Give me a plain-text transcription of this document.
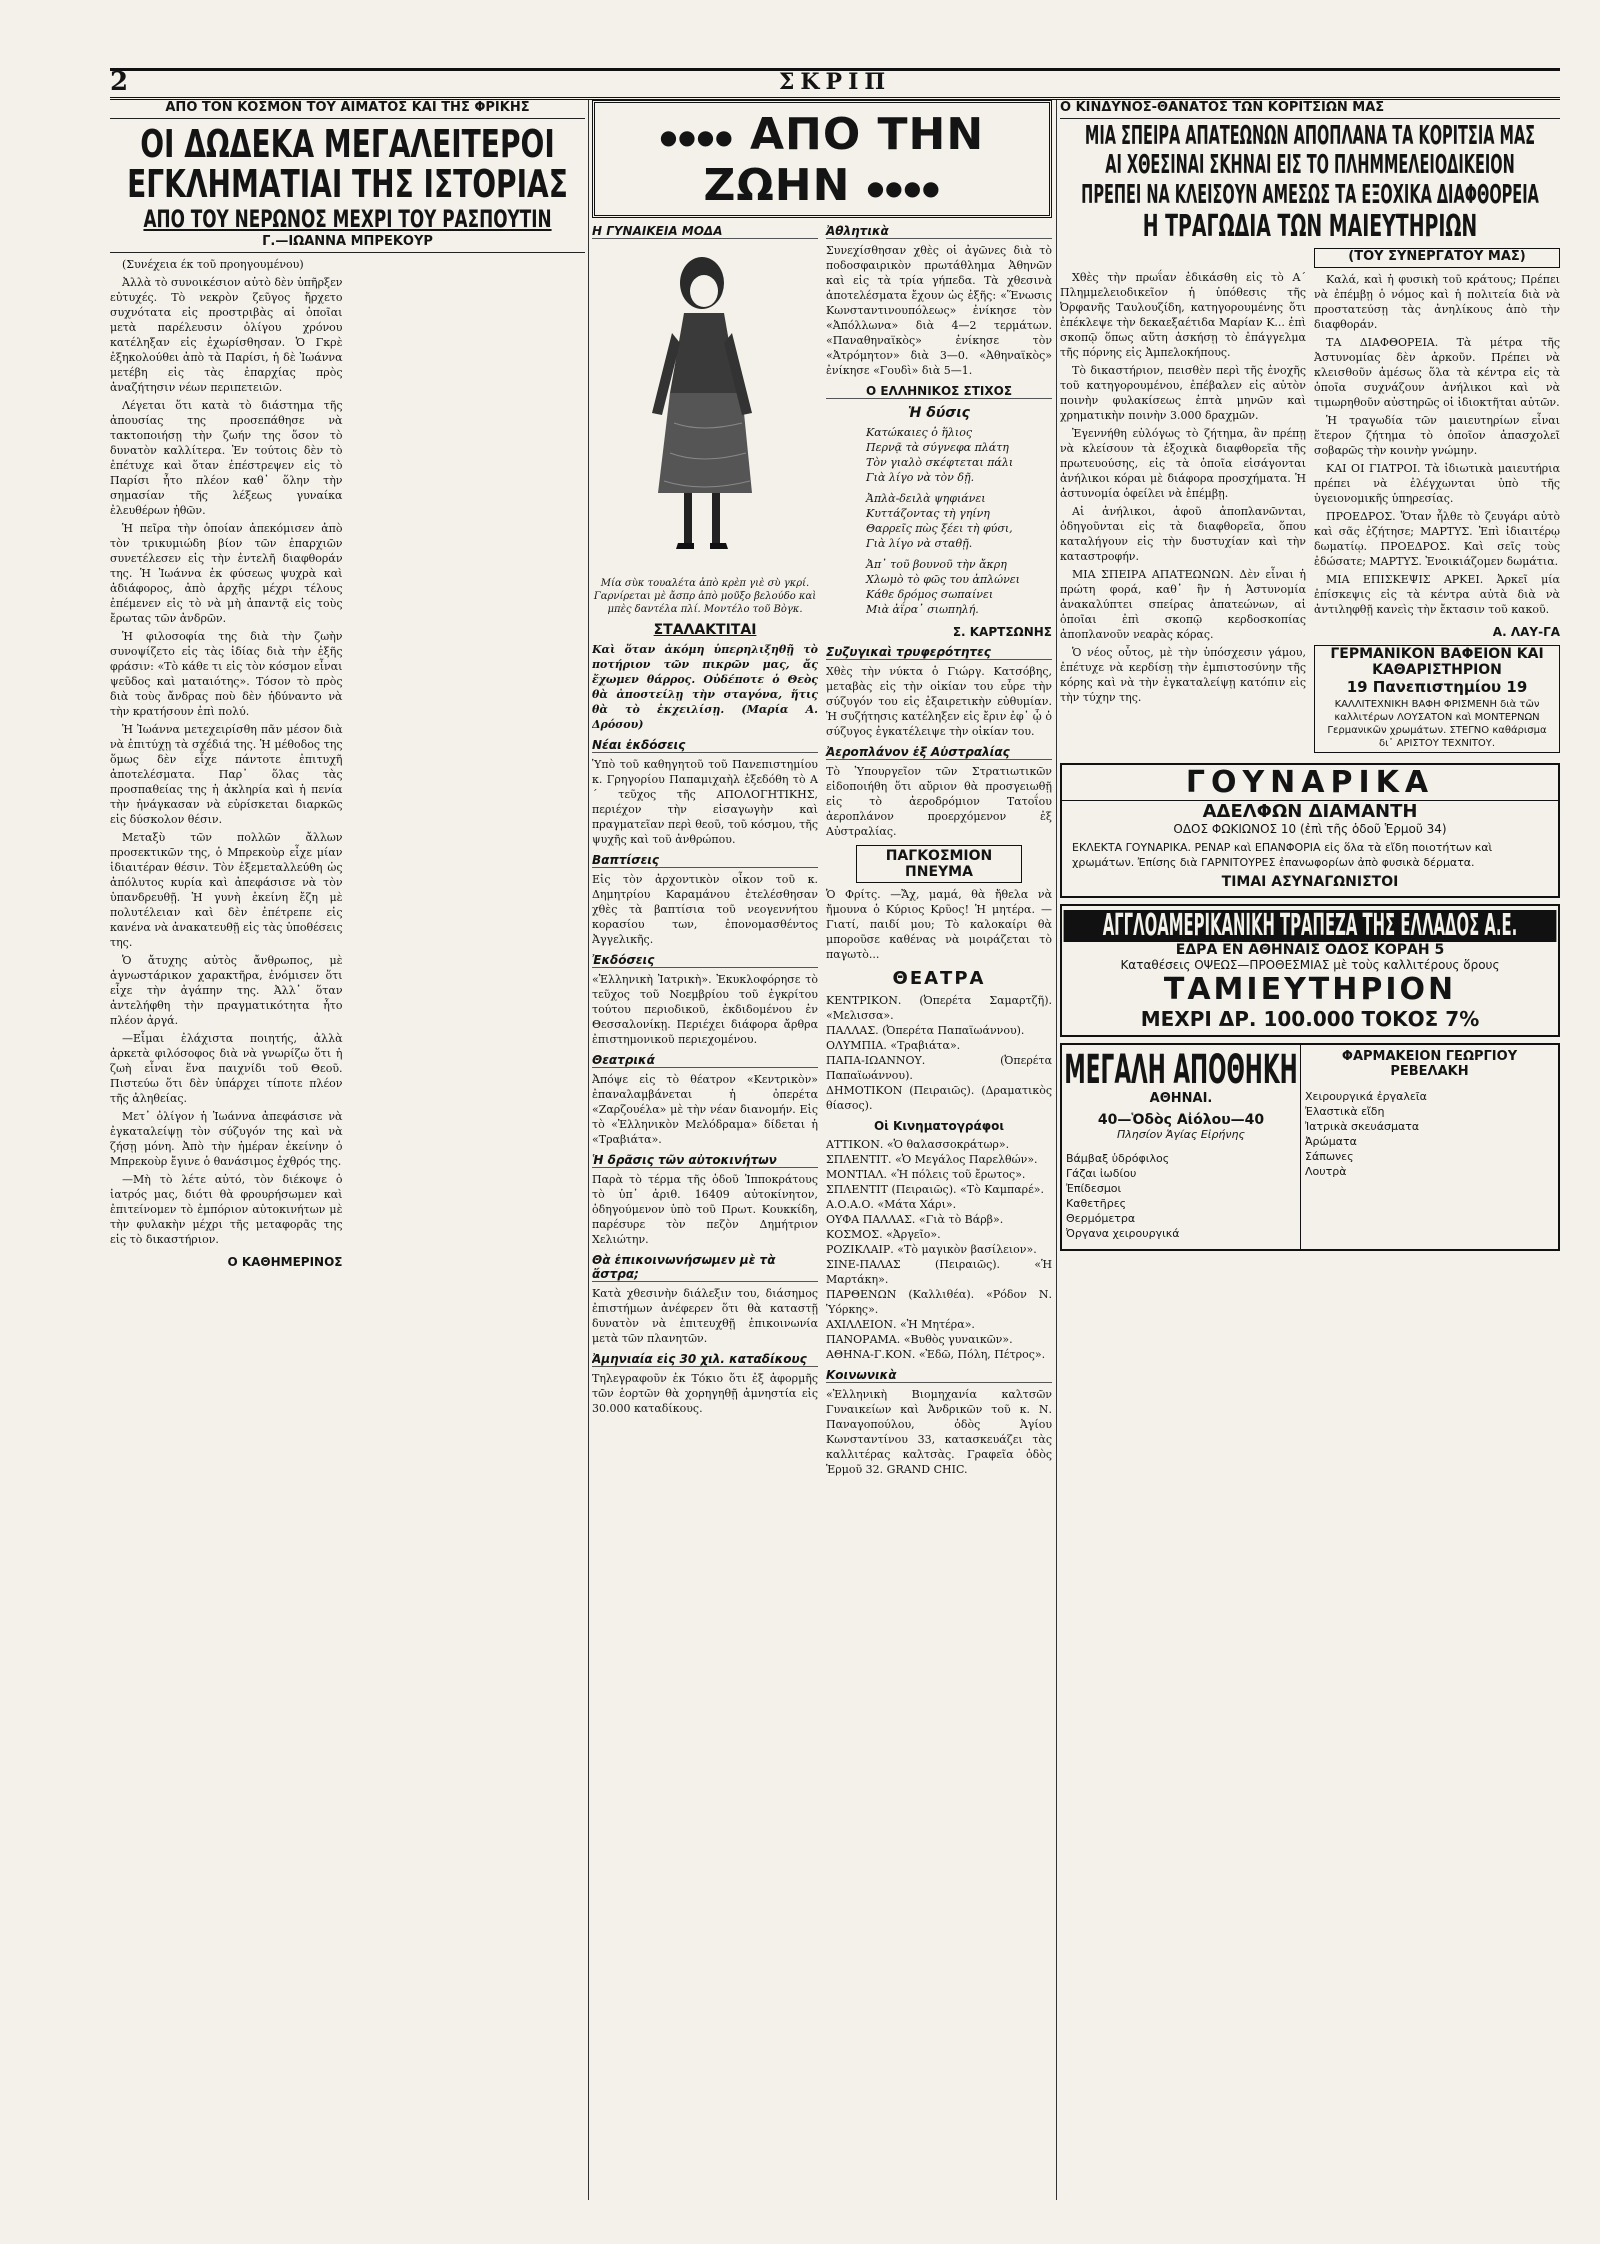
2	ΣΚΡΙΠ
ΑΠΟ ΤΟΝ ΚΟΣΜΟΝ ΤΟΥ ΑΙΜΑΤΟΣ ΚΑΙ ΤΗΣ ΦΡΙΚΗΣ
ΟΙ ΔΩΔΕΚΑ ΜΕΓΑΛΕΙΤΕΡΟΙ ΕΓΚΛΗΜΑΤΙΑΙ ΤΗΣ ΙΣΤΟΡΙΑΣ
ΑΠΟ ΤΟΥ ΝΕΡΩΝΟΣ ΜΕΧΡΙ ΤΟΥ ΡΑΣΠΟΥΤΙΝ
Γ.—ΙΩΑΝΝΑ ΜΠΡΕΚΟΥΡ

(Συνέχεια έκ τοῦ προηγουμένου)

Ἀλλὰ τὸ συνοικέσιον αὐτὸ δὲν ὑπῆρξεν εὐτυχές. Τὸ νεκρὸν ζεῦγος ἤρχετο συχνότατα εἰς προστριβὰς αἱ ὁποῖαι μετὰ παρέλευσιν ὀλίγου χρόνου κατέληξαν εἰς ἐχωρίσθησαν. Ὁ Γκρὲ ἐξηκολούθει ἀπὸ τὰ Παρίσι, ἡ δὲ Ἰωάννα μετέβη εἰς τὰς ἐπαρχίας πρὸς ἀναζήτησιν νέων περιπετειῶν.

Λέγεται ὅτι κατὰ τὸ διάστημα τῆς ἀπουσίας της προσεπάθησε νὰ τακτοποιήσῃ τὴν ζωήν της ὅσον τὸ δυνατὸν καλλίτερα. Ἐν τούτοις δὲν τὸ ἐπέτυχε καὶ ὅταν ἐπέστρεψεν εἰς τὸ Παρίσι ἦτο πλέον καθ᾽ ὅλην τὴν σημασίαν τῆς λέξεως γυναίκα ἐλευθέρων ἠθῶν.

Ἡ πεῖρα τὴν ὁποίαν ἀπεκόμισεν ἀπὸ τὸν τρικυμιώδη βίον τῶν ἐπαρχιῶν συνετέλεσεν εἰς τὴν ἐντελῆ διαφθοράν της. Ἡ Ἰωάννα ἐκ φύσεως ψυχρὰ καὶ ἀδιάφορος, ἀπὸ ἀρχῆς μέχρι τέλους ἐπέμενεν εἰς τὸ νὰ μὴ ἀπαντᾷ εἰς τοὺς ἔρωτας τῶν ἀνδρῶν.

Ἡ φιλοσοφία της διὰ τὴν ζωὴν συνοψίζετο εἰς τὰς ἰδίας διὰ τὴν ἐξῆς φράσιν: «Τὸ κάθε τι εἰς τὸν κόσμον εἶναι ψεῦδος καὶ ματαιότης». Τόσον τὸ πρὸς διὰ τοὺς ἄνδρας ποὺ δὲν ἠδύναντο νὰ τὴν κρατήσουν ἐπὶ πολύ.

Ἡ Ἰωάννα μετεχειρίσθη πᾶν μέσον διὰ νὰ ἐπιτύχῃ τὰ σχέδιά της. Ἡ μέθοδος της ὅμως δὲν εἶχε πάντοτε ἐπιτυχῆ ἀποτελέσματα. Παρ᾽ ὅλας τὰς προσπαθείας της ἡ ἀκληρία καὶ ἡ πενία τὴν ἠνάγκασαν νὰ εὑρίσκεται διαρκῶς εἰς δύσκολον θέσιν.

Μεταξὺ τῶν πολλῶν ἄλλων προσεκτικῶν της, ὁ Μπρεκοὺρ εἶχε μίαν ἰδιαιτέραν θέσιν. Τὸν ἐξεμεταλλεύθη ὡς ἀπόλυτος κυρία καὶ ἀπεφάσισε νὰ τὸν ὑπανδρευθῇ. Ἡ γυνὴ ἐκείνη ἔζη μὲ πολυτέλειαν καὶ δὲν ἐπέτρεπε εἰς κανένα νὰ ἀνακατευθῇ εἰς τὰς ὑποθέσεις της.

Ὁ ἄτυχης αὐτὸς ἄνθρωπος, μὲ ἀγνωστάρικον χαρακτῆρα, ἐνόμισεν ὅτι εἶχε τὴν ἀγάπην της. Ἀλλ᾽ ὅταν ἀντελήφθη τὴν πραγματικότητα ἦτο πλέον ἀργά.

—Εἶμαι ἐλάχιστα ποιητής, ἀλλὰ ἀρκετὰ φιλόσοφος διὰ νὰ γνωρίζω ὅτι ἡ ζωὴ εἶναι ἕνα παιχνίδι τοῦ Θεοῦ. Πιστεύω ὅτι δὲν ὑπάρχει τίποτε πλέον τῆς ἀληθείας.

Μετ᾽ ὀλίγον ἡ Ἰωάννα ἀπεφάσισε νὰ ἐγκαταλείψῃ τὸν σύζυγόν της καὶ νὰ ζήσῃ μόνη. Ἀπὸ τὴν ἡμέραν ἐκείνην ὁ Μπρεκοὺρ ἔγινε ὁ θανάσιμος ἐχθρός της.

—Μὴ τὸ λέτε αὐτό, τὸν διέκοψε ὁ ἰατρός μας, διότι θὰ φρουρήσωμεν καὶ ἐπιτείνομεν τὸ ἐμπόριον αὐτοκινήτων μὲ τὴν φυλακὴν μέχρι τῆς μεταφορᾶς της εἰς τὸ δικαστήριον.

Ο ΚΑΘΗΜΕΡΙΝΟΣ
●●●● ΑΠΟ ΤΗΝ ΖΩΗΝ ●●●●
Η ΓΥΝΑΙΚΕΙΑ ΜΟΔΑ
Μία σὺκ τουαλέτα ἀπὸ κρὲπ γιὲ σὺ γκρί. Γαρνίρεται μὲ ἄσπρ ἀπὸ μοῦξο βελούδο καὶ μπὲς δαντέλα πλί. Μοντέλο τοῦ Βὸγκ.
ΣΤΑΛΑΚΤΙΤΑΙ
Καὶ ὅταν ἀκόμη ὑπερηλιξηθῇ τὸ ποτήριον τῶν πικρῶν μας, ἄς ἔχωμεν θάρρος. Οὐδέποτε ὁ Θεὸς θὰ ἀποστείλῃ τὴν σταγόνα, ἥτις θὰ τὸ ἐκχειλίσῃ. (Μαρία Α. Δρόσου)
Νέαι ἐκδόσεις
Ὑπὸ τοῦ καθηγητοῦ τοῦ Πανεπιστημίου κ. Γρηγορίου Παπαμιχαὴλ ἐξεδόθη τὸ Α´ τεῦχος τῆς ΑΠΟΛΟΓΗΤΙΚΗΣ, περιέχον τὴν εἰσαγωγὴν καὶ πραγματεῖαν περὶ θεοῦ, τοῦ κόσμου, τῆς ψυχῆς καὶ τοῦ ἀνθρώπου.
Βαπτίσεις
Εἰς τὸν ἀρχοντικὸν οἶκον τοῦ κ. Δημητρίου Καραμάνου ἐτελέσθησαν χθὲς τὰ βαπτίσια τοῦ νεογεννήτου κορασίου των, ἐπονομασθέντος Ἀγγελικῆς.
Ἐκδόσεις
«Ἑλληνικὴ Ἰατρικὴ». Ἐκυκλοφόρησε τὸ τεῦχος τοῦ Νοεμβρίου τοῦ ἐγκρίτου τούτου περιοδικοῦ, ἐκδιδομένου ἐν Θεσσαλονίκῃ. Περιέχει διάφορα ἄρθρα ἐπιστημονικοῦ περιεχομένου.
Θεατρικά
Ἀπόψε εἰς τὸ θέατρον «Κεντρικὸν» ἐπαναλαμβάνεται ἡ ὀπερέτα «Ζαρζουέλα» μὲ τὴν νέαν διανομήν. Εἰς τὸ «Ἑλληνικὸν Μελόδραμα» δίδεται ἡ «Τραβιάτα».
Ἡ δρᾶσις τῶν αὐτοκινήτων
Παρὰ τὸ τέρμα τῆς ὁδοῦ Ἱπποκράτους τὸ ὑπ᾽ ἀριθ. 16409 αὐτοκίνητον, ὁδηγούμενον ὑπὸ τοῦ Πρωτ. Κουκκίδη, παρέσυρε τὸν πεζὸν Δημήτριον Χελιώτην.
Θὰ ἐπικοινωνήσωμεν μὲ τὰ ἄστρα;
Κατὰ χθεσινὴν διάλεξιν του, διάσημος ἐπιστήμων ἀνέφερεν ὅτι θὰ καταστῇ δυνατὸν νὰ ἐπιτευχθῇ ἐπικοινωνία μετὰ τῶν πλανητῶν.
Ἀμηνιαία εἰς 30 χιλ. καταδίκους
Τηλεγραφοῦν ἐκ Τόκιο ὅτι ἐξ ἀφορμῆς τῶν ἑορτῶν θὰ χορηγηθῇ ἀμνηστία εἰς 30.000 καταδίκους.
Ἀθλητικὰ
Συνεχίσθησαν χθὲς οἱ ἀγῶνες διὰ τὸ ποδοσφαιρικὸν πρωτάθλημα Ἀθηνῶν καὶ εἰς τὰ τρία γήπεδα. Τὰ χθεσινὰ ἀποτελέσματα ἔχουν ὡς ἐξῆς: «Ἕνωσις Κωνσταντινουπόλεως» ἐνίκησε τὸν «Ἀπόλλωνα» διὰ 4—2 τερμάτων. «Παναθηναϊκὸς» ἐνίκησε τὸν «Ἀτρόμητον» διὰ 3—0. «Ἀθηναϊκὸς» ἐνίκησε «Γουδὶ» διὰ 5—1.
Ο ΕΛΛΗΝΙΚΟΣ ΣΤΙΧΟΣ
Ἡ δύσις
Κατώκαιες ὁ ἥλιος
Περνᾷ τὰ σύγνεφα πλάτη
Τὸν γιαλὸ σκέφτεται πάλι
Γιὰ λίγο νὰ τὸν δῇ.
Ἀπλὰ-δειλὰ ψηφιάνει
Κυττάζοντας τὴ γηίνη
Θαρρεῖς πὼς ξέει τὴ φύσι,
Γιὰ λίγο νὰ σταθῇ.
Ἀπ᾽ τοῦ βουνοῦ τὴν ἄκρη
Χλωμὸ τὸ φῶς του ἁπλώνει
Κάθε δρόμος σωπαίνει
Μιὰ ἀΐρα᾽ σιωπηλή.
Σ. ΚΑΡΤΣΩΝΗΣ
Συζυγικαὶ τρυφερότητες
Χθὲς τὴν νύκτα ὁ Γιώργ. Κατσόβης, μεταβὰς εἰς τὴν οἰκίαν του εὗρε τὴν σύζυγόν του εἰς ἐξαιρετικὴν εὐθυμίαν. Ἡ συζήτησις κατέληξεν εἰς ἔριν ἐφ᾽ ᾧ ὁ σύζυγος ἐγκατέλειψε τὴν οἰκίαν του.
Ἀεροπλάνον ἐξ Αὐστραλίας
Τὸ Ὑπουργεῖον τῶν Στρατιωτικῶν εἰδοποιήθη ὅτι αὔριον θὰ προσγειωθῇ εἰς τὸ ἀεροδρόμιον Τατοΐου ἀεροπλάνον προερχόμενον ἐξ Αὐστραλίας.
ΠΑΓΚΟΣΜΙΟΝ ΠΝΕΥΜΑ
Ὁ Φρίτς. —Ἄχ, μαμά, θὰ ἤθελα νὰ ἤμουνα ὁ Κύριος Κρῦος! Ἡ μητέρα. —Γιατί, παιδί μου; Τὸ καλοκαίρι θὰ μποροῦσε καθένας νὰ μοιράζεται τὸ παγωτὸ...
ΘΕΑΤΡΑ
ΚΕΝΤΡΙΚΟΝ. (Ὀπερέτα Σαμαρτζῆ). «Μελισσα».
ΠΑΛΛΑΣ. (Ὀπερέτα Παπαϊωάννου).
ΟΛΥΜΠΙΑ. «Τραβιάτα».
ΠΑΠΑ-ΙΩΑΝΝΟΥ. (Ὀπερέτα Παπαϊωάννου).
ΔΗΜΟΤΙΚΟΝ (Πειραιῶς). (Δραματικὸς θίασος).
Οἱ Κινηματογράφοι
ΑΤΤΙΚΟΝ. «Ὁ θαλασσοκράτωρ».
ΣΠΛΕΝΤΙΤ. «Ὁ Μεγάλος Παρελθών».
ΜΟΝΤΙΑΛ. «Ἡ πόλεις τοῦ ἔρωτος».
ΣΠΛΕΝΤΙΤ (Πειραιῶς). «Τὸ Καμπαρέ».
Α.Ο.Α.Ο. «Μάτα Χάρι».
ΟΥΦΑ ΠΑΛΛΑΣ. «Γιὰ τὸ Βάρβ».
ΚΟΣΜΟΣ. «Ἀργεῖο».
ΡΟΖΙΚΛΑΙΡ. «Τὸ μαγικὸν βασίλειον».
ΣΙΝΕ-ΠΑΛΑΣ (Πειραιῶς). «Ἡ Μαρτάκη».
ΠΑΡΘΕΝΩΝ (Καλλιθέα). «Ρόδον Ν. Ὑόρκης».
ΑΧΙΛΛΕΙΟΝ. «Ἡ Μητέρα».
ΠΑΝΟΡΑΜΑ. «Βυθὸς γυναικῶν».
ΑΘΗΝΑ-Γ.ΚΟΝ. «Ἐδῶ, Πόλη, Πέτρος».
Κοινωνικὰ
«Ἐλληνικὴ Βιομηχανία καλτσῶν Γυναικείων καὶ Ἀνδρικῶν τοῦ κ. Ν. Παναγοπούλου, ὁδὸς Ἀγίου Κωνσταντίνου 33, κατασκευάζει τὰς καλλιτέρας καλτσὰς. Γραφεῖα ὁδὸς Ἑρμοῦ 32. GRAND CHIC.
Ο ΚΙΝΔΥΝΟΣ-ΘΑΝΑΤΟΣ ΤΩΝ ΚΟΡΙΤΣΙΩΝ ΜΑΣ
ΜΙΑ ΣΠΕΙΡΑ ΑΠΑΤΕΩΝΩΝ ΑΠΟΠΛΑΝΑ ΤΑ ΚΟΡΙΤΣΙΑ ΜΑΣ
ΑΙ ΧΘΕΣΙΝΑΙ ΣΚΗΝΑΙ ΕΙΣ ΤΟ ΠΛΗΜΜΕΛΕΙΟΔΙΚΕΙΟΝ
ΠΡΕΠΕΙ ΝΑ ΚΛΕΙΣΟΥΝ ΑΜΕΣΩΣ ΤΑ ΕΞΟΧΙΚΑ ΔΙΑΦΘΟΡΕΙΑ
Η ΤΡΑΓΩΔΙΑ ΤΩΝ ΜΑΙΕΥΤΗΡΙΩΝ

Χθὲς τὴν πρωΐαν ἐδικάσθη εἰς τὸ Α´ Πλημμελειοδικεῖον ἡ ὑπόθεσις τῆς Ὀρφανῆς Ταυλουζίδη, κατηγορουμένης ὅτι ἐπέκλεψε τὴν δεκαεξαέτιδα Μαρίαν Κ... ἐπὶ σκοπῷ ὅπως αὕτη ἀσκήσῃ τὸ ἐπάγγελμα τῆς πόρνης εἰς Ἀμπελοκήπους.

Τὸ δικαστήριον, πεισθὲν περὶ τῆς ἐνοχῆς τοῦ κατηγορουμένου, ἐπέβαλεν εἰς αὐτὸν ποινὴν φυλακίσεως ἑπτὰ μηνῶν καὶ χρηματικὴν ποινὴν 3.000 δραχμῶν.

Ἐγεννήθη εὐλόγως τὸ ζήτημα, ἂν πρέπῃ νὰ κλείσουν τὰ ἐξοχικὰ διαφθορεῖα τῆς πρωτευούσης, εἰς τὰ ὁποῖα εἰσάγονται ἀνήλικοι κόραι μὲ διάφορα προσχήματα. Ἡ ἀστυνομία ὀφείλει νὰ ἐπέμβῃ.

Αἱ ἀνήλικοι, ἀφοῦ ἀποπλανῶνται, ὁδηγοῦνται εἰς τὰ διαφθορεῖα, ὅπου καταλήγουν εἰς τὴν δυστυχίαν καὶ τὴν καταστροφήν.

ΜΙΑ ΣΠΕΙΡΑ ΑΠΑΤΕΩΝΩΝ. Δὲν εἶναι ἡ πρώτη φορά, καθ᾽ ἣν ἡ Ἀστυνομία ἀνακαλύπτει σπείρας ἀπατεώνων, αἱ ὁποῖαι ἐπὶ σκοπῷ κερδοσκοπίας ἀποπλανοῦν νεαρὰς κόρας.

Ὁ νέος οὗτος, μὲ τὴν ὑπόσχεσιν γάμου, ἐπέτυχε νὰ κερδίσῃ τὴν ἐμπιστοσύνην τῆς κόρης καὶ νὰ τὴν ἐγκαταλείψῃ κατόπιν εἰς τὴν τύχην της.

(ΤΟΥ ΣΥΝΕΡΓΑΤΟΥ ΜΑΣ)

Καλά, καὶ ἡ φυσικὴ τοῦ κράτους; Πρέπει νὰ ἐπέμβῃ ὁ νόμος καὶ ἡ πολιτεία διὰ νὰ προστατεύσῃ τὰς ἀνηλίκους ἀπὸ τὴν διαφθοράν.

ΤΑ ΔΙΑΦΘΟΡΕΙΑ. Τὰ μέτρα τῆς Ἀστυνομίας δὲν ἀρκοῦν. Πρέπει νὰ κλεισθοῦν ἀμέσως ὅλα τὰ κέντρα εἰς τὰ ὁποῖα συχνάζουν ἀνήλικοι καὶ νὰ τιμωρηθοῦν αὐστηρῶς οἱ ἰδιοκτῆται αὐτῶν.

Ἡ τραγωδία τῶν μαιευτηρίων εἶναι ἕτερον ζήτημα τὸ ὁποῖον ἀπασχολεῖ σοβαρῶς τὴν κοινὴν γνώμην.

ΚΑΙ ΟΙ ΓΙΑΤΡΟΙ. Τὰ ἰδιωτικὰ μαιευτήρια πρέπει νὰ ἐλέγχωνται ὑπὸ τῆς ὑγειονομικῆς ὑπηρεσίας.

ΠΡΟΕΔΡΟΣ. Ὅταν ἦλθε τὸ ζευγάρι αὐτὸ καὶ σᾶς ἐζήτησε; ΜΑΡΤΥΣ. Ἐπὶ ἰδιαιτέρῳ δωματίῳ. ΠΡΟΕΔΡΟΣ. Καὶ σεῖς τοὺς ἐδώσατε; ΜΑΡΤΥΣ. Ἐνοικιάζομεν δωμάτια.

ΜΙΑ ΕΠΙΣΚΕΨΙΣ ΑΡΚΕΙ. Ἀρκεῖ μία ἐπίσκεψις εἰς τὰ κέντρα αὐτὰ διὰ νὰ ἀντιληφθῇ κανεὶς τὴν ἔκτασιν τοῦ κακοῦ.

Α. ΛΑΥ-ΓΑ
ΓΕΡΜΑΝΙΚΟΝ ΒΑΦΕΙΟΝ ΚΑΙ ΚΑΘΑΡΙΣΤΗΡΙΟΝ
19 Πανεπιστημίου 19
ΚΑΛΛΙΤΕΧΝΙΚΗ ΒΑΦΗ ΦΡΙΣΜΕΝΗ διὰ τῶν καλλιτέρων ΛΟΥΣΑΤΟΝ καὶ ΜΟΝΤΕΡΝΩΝ Γερμανικῶν χρωμάτων. ΣΤΕΓΝΟ καθάρισμα δι᾽ ΑΡΙΣΤΟΥ ΤΕΧΝΙΤΟΥ.
ΓΟΥΝΑΡΙΚΑ
ΑΔΕΛΦΩΝ ΔΙΑΜΑΝΤΗ
ΟΔΟΣ ΦΩΚΙΩΝΟΣ 10 (ἐπὶ τῆς ὁδοῦ Ἑρμοῦ 34)
ΕΚΛΕΚΤΑ ΓΟΥΝΑΡΙΚΑ. ΡΕΝΑΡ καὶ ΕΠΑΝΦΟΡΙΑ εἰς ὅλα τὰ εἴδη ποιοτήτων καὶ χρωμάτων. Ἐπίσης διὰ ΓΑΡΝΙΤΟΥΡΕΣ ἐπανωφορίων ἀπὸ φυσικὰ δέρματα.
ΤΙΜΑΙ ΑΣΥΝΑΓΩΝΙΣΤΟΙ
ΑΓΓΛΟΑΜΕΡΙΚΑΝΙΚΗ ΤΡΑΠΕΖΑ ΤΗΣ ΕΛΛΑΔΟΣ Α.Ε.
ΕΔΡΑ ΕΝ ΑΘΗΝΑΙΣ ΟΔΟΣ ΚΟΡΑΗ 5
Καταθέσεις ΟΨΕΩΣ—ΠΡΟΘΕΣΜΙΑΣ μὲ τοὺς καλλιτέρους ὅρους
ΤΑΜΙΕΥΤΗΡΙΟΝ
ΜΕΧΡΙ ΔΡ. 100.000 ΤΟΚΟΣ 7%
ΜΕΓΑΛΗ ΑΠΟΘΗΚΗ
ΑΘΗΝΑΙ.
40—Ὁδὸς Αἰόλου—40
Πλησίον Ἁγίας Εἰρήνης
Βάμβαξ ὑδρόφιλος
Γάζαι ἰωδίου
Ἐπίδεσμοι
Καθετῆρες
Θερμόμετρα
Ὀργανα χειρουργικά
ΦΑΡΜΑΚΕΙΟΝ ΓΕΩΡΓΙΟΥ ΡΕΒΕΛΑΚΗ
Χειρουργικά ἐργαλεῖα
Ἐλαστικὰ εἴδη
Ἰατρικὰ σκευάσματα
Ἀρώματα
Σάπωνες
Λουτρὰ
